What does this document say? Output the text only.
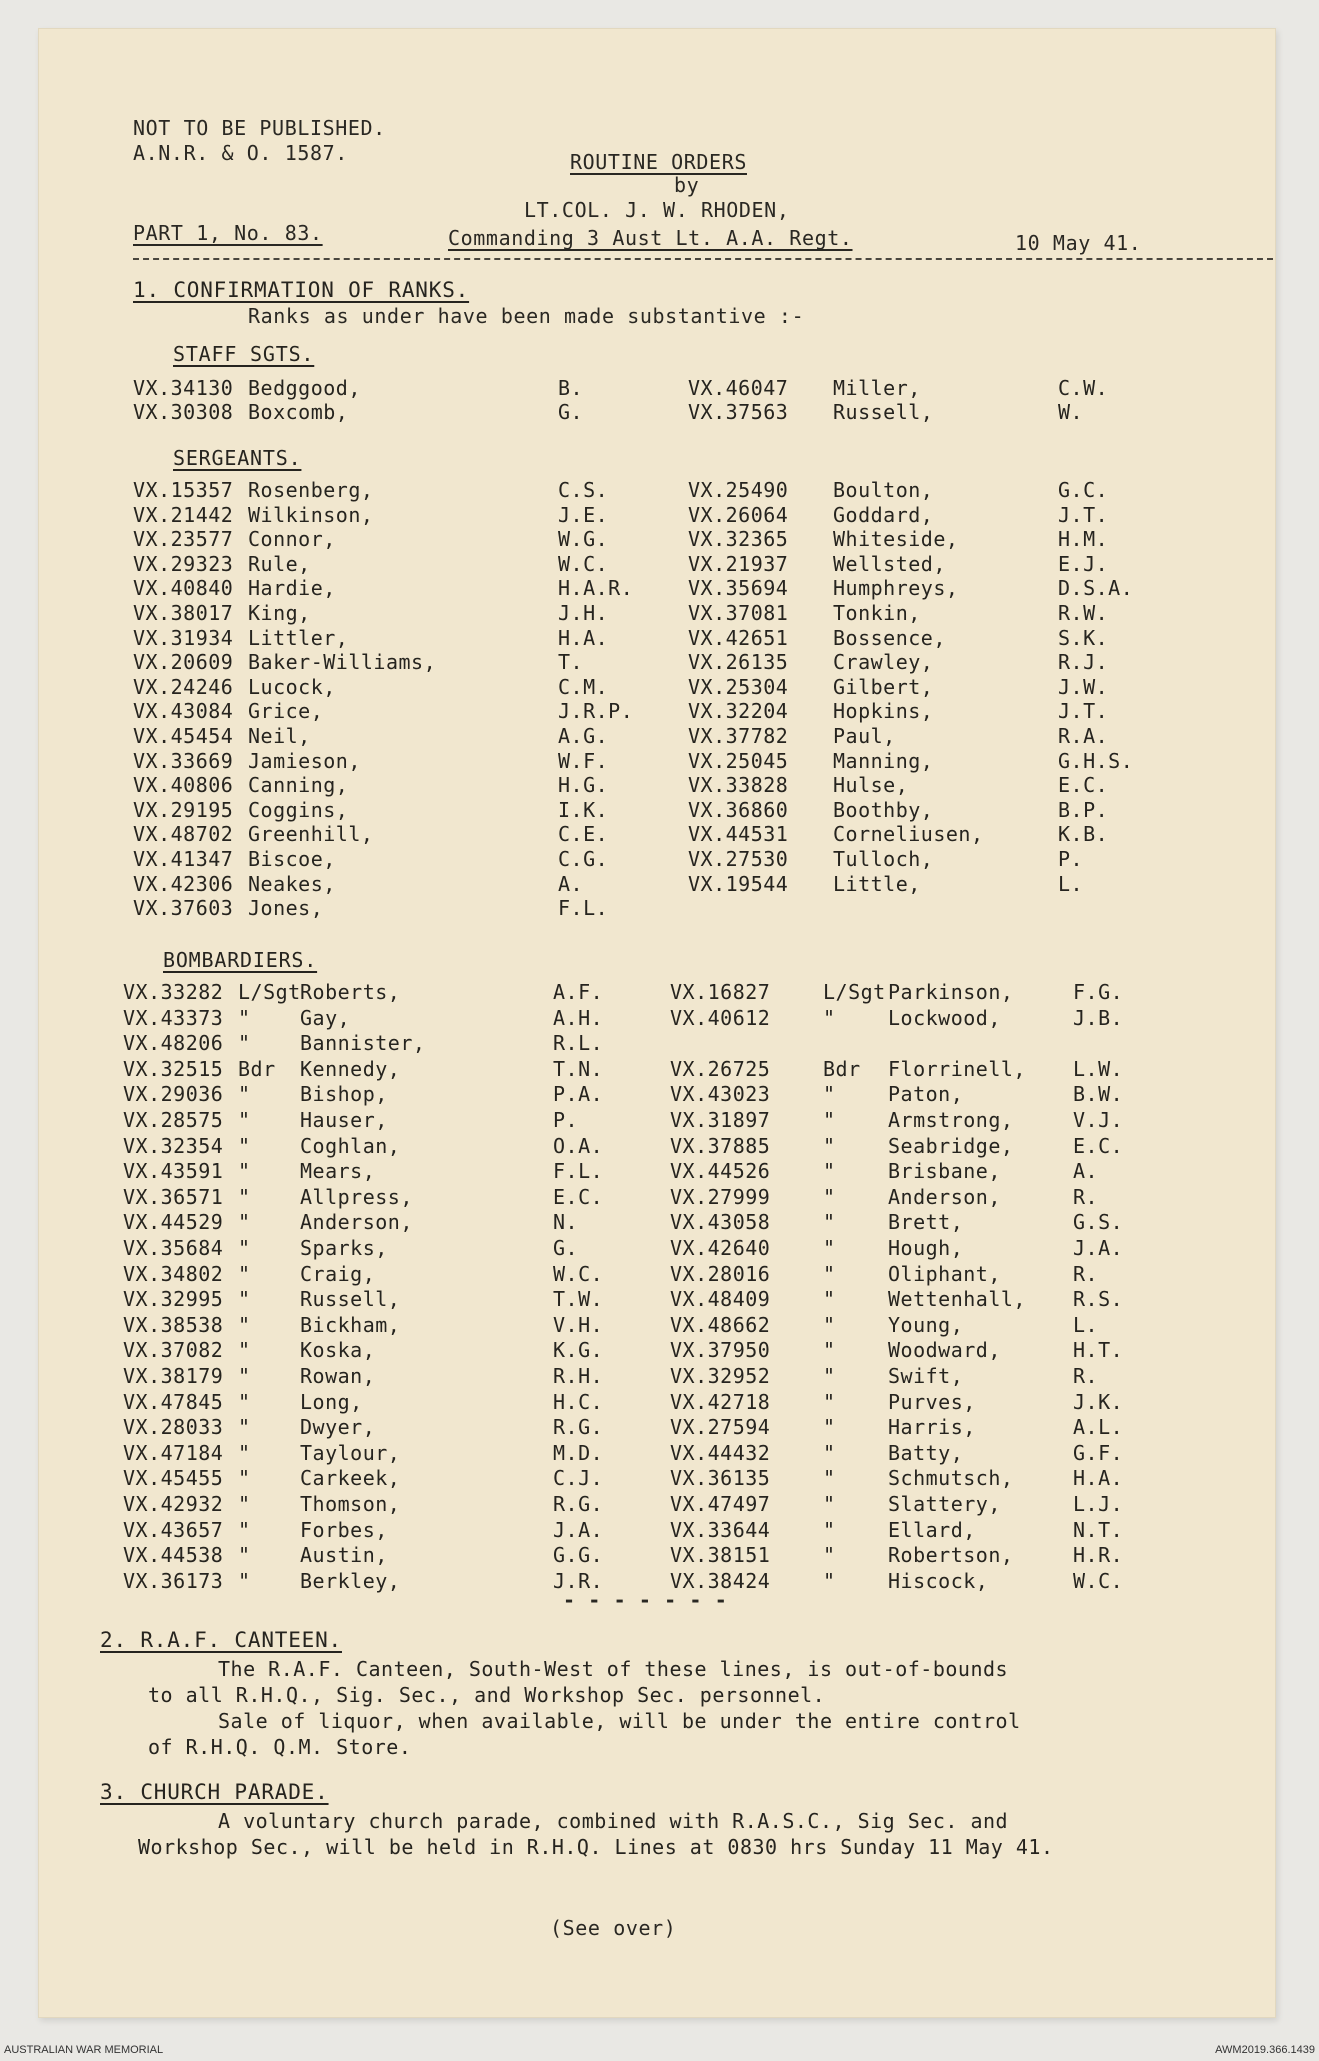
NOT TO BE PUBLISHED.
A.N.R. & O. 1587.	ROUTINE ORDERS
by
LT.COL. J. W. RHODEN,
PART 1, No. 83.	Commanding 3 Aust Lt. A.A. Regt.	10 May 41.
1. CONFIRMATION OF RANKS.
Ranks as under have been made substantive :-
STAFF SGTS.
VX.34130 Bedggood,	B.	VX.46047 Miller,	C.W.
VX.30308 Boxcomb,	G.	VX.37563 Russell,	W.
SERGEANTS.
VX.15357 Rosenberg,	C.S.	VX.25490 Boulton,	G.C.
VX.21442 Wilkinson,	J.E.	VX.26064 Goddard,	J.T.
VX.23577 Connor,	W.G.	VX.32365 Whiteside,	H.M.
VX.29323 Rule,	W.C.	VX.21937 Wellsted,	E.J.
VX.40840 Hardie,	H.A.R.	VX.35694 Humphreys,	D.S.A.
VX.38017 King,	J.H.	VX.37081 Tonkin,	R.W.
VX.31934 Littler,	H.A.	VX.42651 Bossence,	S.K.
VX.20609 Baker-Williams,	T.	VX.26135 Crawley,	R.J.
VX.24246 Lucock,	C.M.	VX.25304 Gilbert,	J.W.
VX.43084 Grice,	J.R.P.	VX.32204 Hopkins,	J.T.
VX.45454 Neil,	A.G.	VX.37782 Paul,	R.A.
VX.33669 Jamieson,	W.F.	VX.25045 Manning,	G.H.S.
VX.40806 Canning,	H.G.	VX.33828 Hulse,	E.C.
VX.29195 Coggins,	I.K.	VX.36860 Boothby,	B.P.
VX.48702 Greenhill,	C.E.	VX.44531 Corneliusen,	K.B.
VX.41347 Biscoe,	C.G.	VX.27530 Tulloch,	P.
VX.42306 Neakes,	A.	VX.19544 Little,	L.
VX.37603 Jones,	F.L.
BOMBARDIERS.
VX.33282 L/Sgt Roberts,	A.F.	VX.16827	L/Sgt Parkinson,	F.G.
VX.43373 " Gay,	A.H.	VX.40612	"	Lockwood,	J.B.
VX.48206 " Bannister,	R.L.
VX.32515 Bdr Kennedy,	T.N.	VX.26725	Bdr Florrinell, L.W.
VX.29036 " Bishop,	P.A.	VX.43023	"	Paton,	B.W.
VX.28575 " Hauser,	P.	VX.31897	"	Armstrong,	V.J.
VX.32354 " Coghlan,	O.A.	VX.37885	"	Seabridge,	E.C.
VX.43591 " Mears,	F.L.	VX.44526	"	Brisbane,	A.
VX.36571 " Allpress,	E.C.	VX.27999	"	Anderson,	R.
VX.44529 " Anderson,	N.	VX.43058	"	Brett,	G.S.
VX.35684 " Sparks,	G.	VX.42640	"	Hough,	J.A.
VX.34802 " Craig,	W.C.	VX.28016	"	Oliphant,	R.
VX.32995 " Russell,	T.W.	VX.48409	"	Wettenhall, R.S.
VX.38538 " Bickham,	V.H.	VX.48662	"	Young,	L.
VX.37082 " Koska,	K.G.	VX.37950	"	Woodward,	H.T.
VX.38179 " Rowan,	R.H.	VX.32952	"	Swift,	R.
VX.47845 " Long,	H.C.	VX.42718	"	Purves,	J.K.
VX.28033 " Dwyer,	R.G.	VX.27594	"	Harris,	A.L.
VX.47184 " Taylour,	M.D.	VX.44432	"	Batty,	G.F.
VX.45455 " Carkeek,	C.J.	VX.36135	"	Schmutsch,	H.A.
VX.42932 " Thomson,	R.G.	VX.47497	"	Slattery,	L.J.
VX.43657 " Forbes,	J.A.	VX.33644	"	Ellard,	N.T.
VX.44538 " Austin,	G.G.	VX.38151	"	Robertson,	H.R.
VX.36173 " Berkley,	J.R.	VX.38424	"	Hiscock,	W.C.
- - - - - - -
2. R.A.F. CANTEEN.
The R.A.F. Canteen, South-West of these lines, is out-of-bounds
to all R.H.Q., Sig. Sec., and Workshop Sec. personnel.
Sale of liquor, when available, will be under the entire control
of R.H.Q. Q.M. Store.
3. CHURCH PARADE.
A voluntary church parade, combined with R.A.S.C., Sig Sec. and
Workshop Sec., will be held in R.H.Q. Lines at 0830 hrs Sunday 11 May 41.
(See over)
AUSTRALIAN WAR MEMORIAL	AWM2019.366.1439
